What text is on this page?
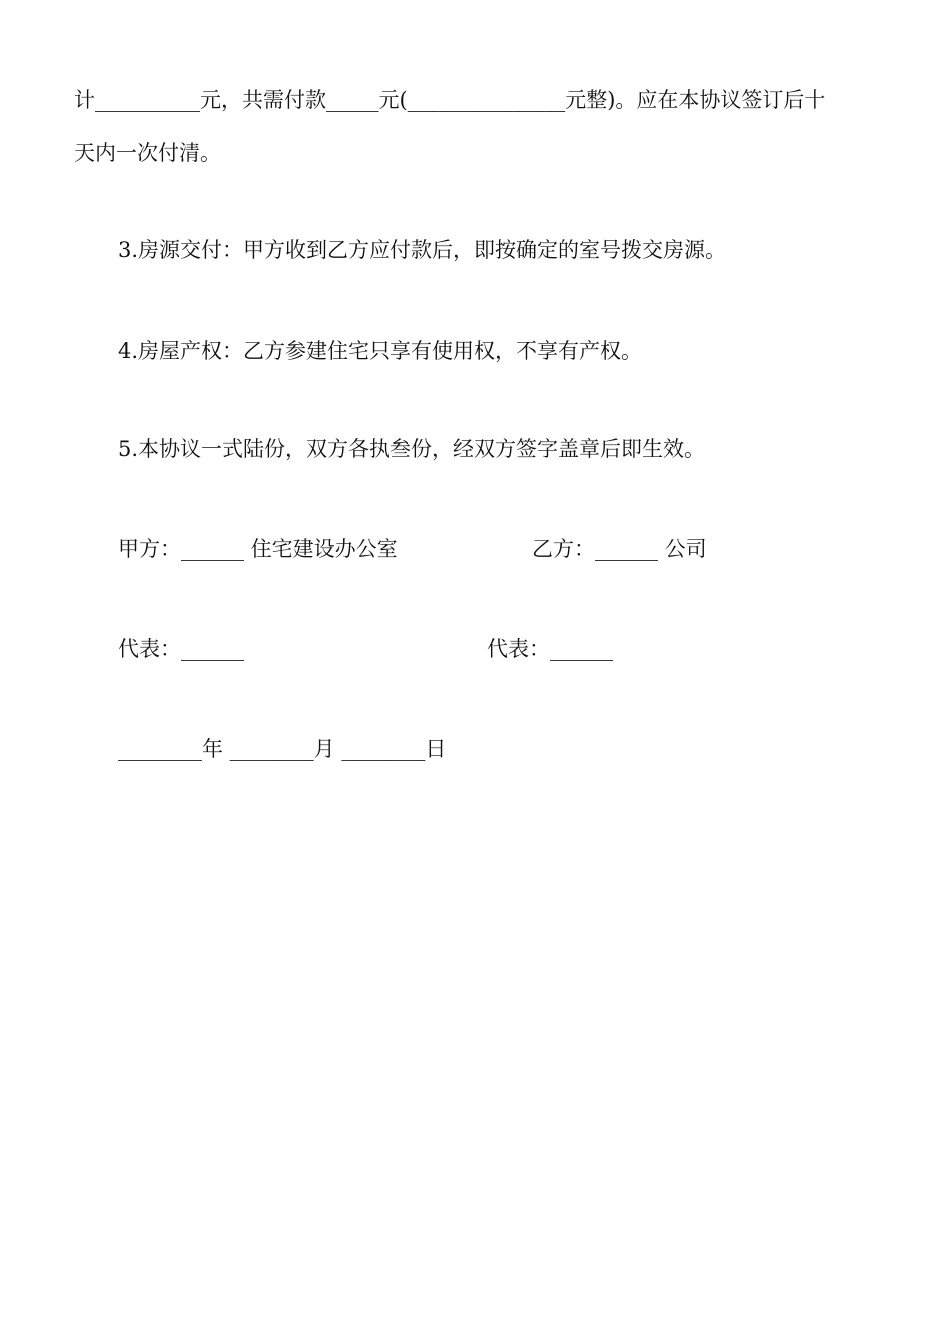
计__________元，共需付款_____元(_______________元整)。应在本协议签订后十
天内一次付清。
3.房源交付：甲方收到乙方应付款后，即按确定的室号拨交房源。
4.房屋产权：乙方参建住宅只享有使用权，不享有产权。
5.本协议一式陆份，双方各执叁份，经双方签字盖章后即生效。
甲方：______ 住宅建设办公室	乙方：______ 公司
代表：______	代表：______
________年 ________月 ________日
